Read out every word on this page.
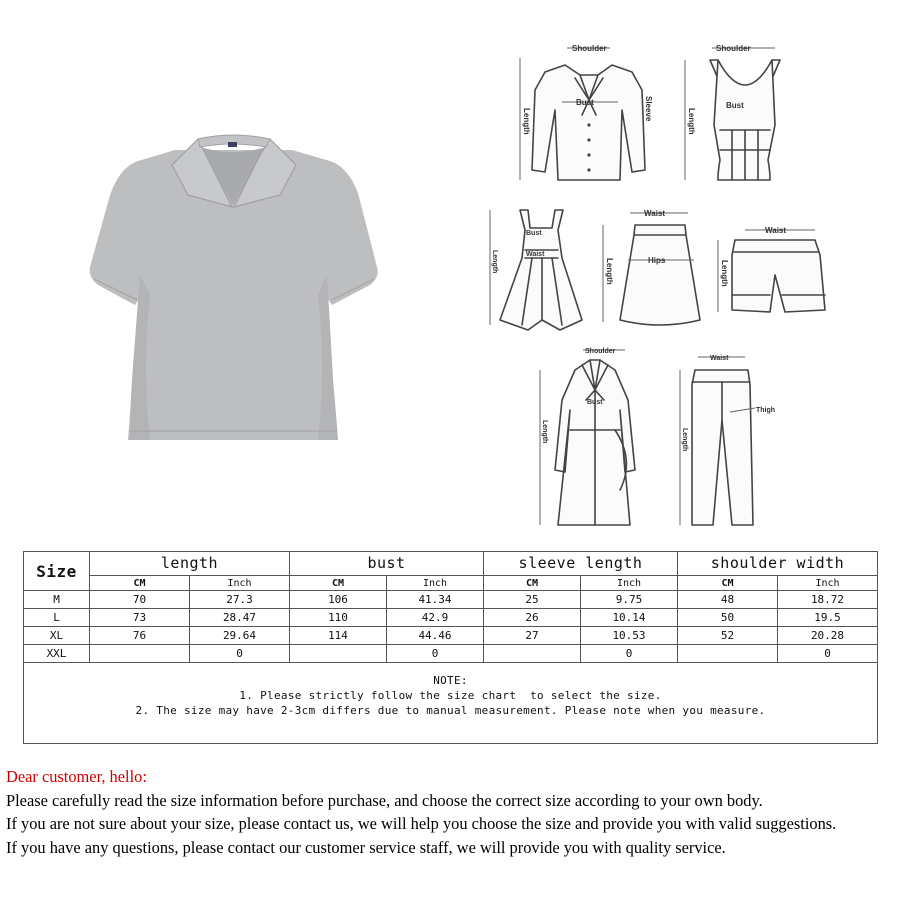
Shoulder
Length
Bust	Sleeve
Shoulder
Length
Bust
Bust
Waist
Length
Waist
Hips
Length
Waist
Length
Shoulder
Bust
Length
Waist
Thigh
Length
Size	length		bust		sleeve length		shoulder width	
	CM	Inch	CM	Inch	CM	Inch	CM	Inch
M	70	27.3	106	41.34	25	9.75	48	18.72
L	73	28.47	110	42.9	26	10.14	50	19.5
XL	76	29.64	114	44.46	27	10.53	52	20.28
XXL		0		0		0		0

NOTE:
1. Please strictly follow the size chart  to select the size.
2. The size may have 2-3cm differs due to manual measurement. Please note when you measure.								
Dear customer, hello:
Please carefully read the size information before purchase, and choose the correct size according to your own body.
If you are not sure about your size, please contact us, we will help you choose the size and provide you with valid suggestions.
If you have any questions, please contact our customer service staff, we will provide you with quality service.
